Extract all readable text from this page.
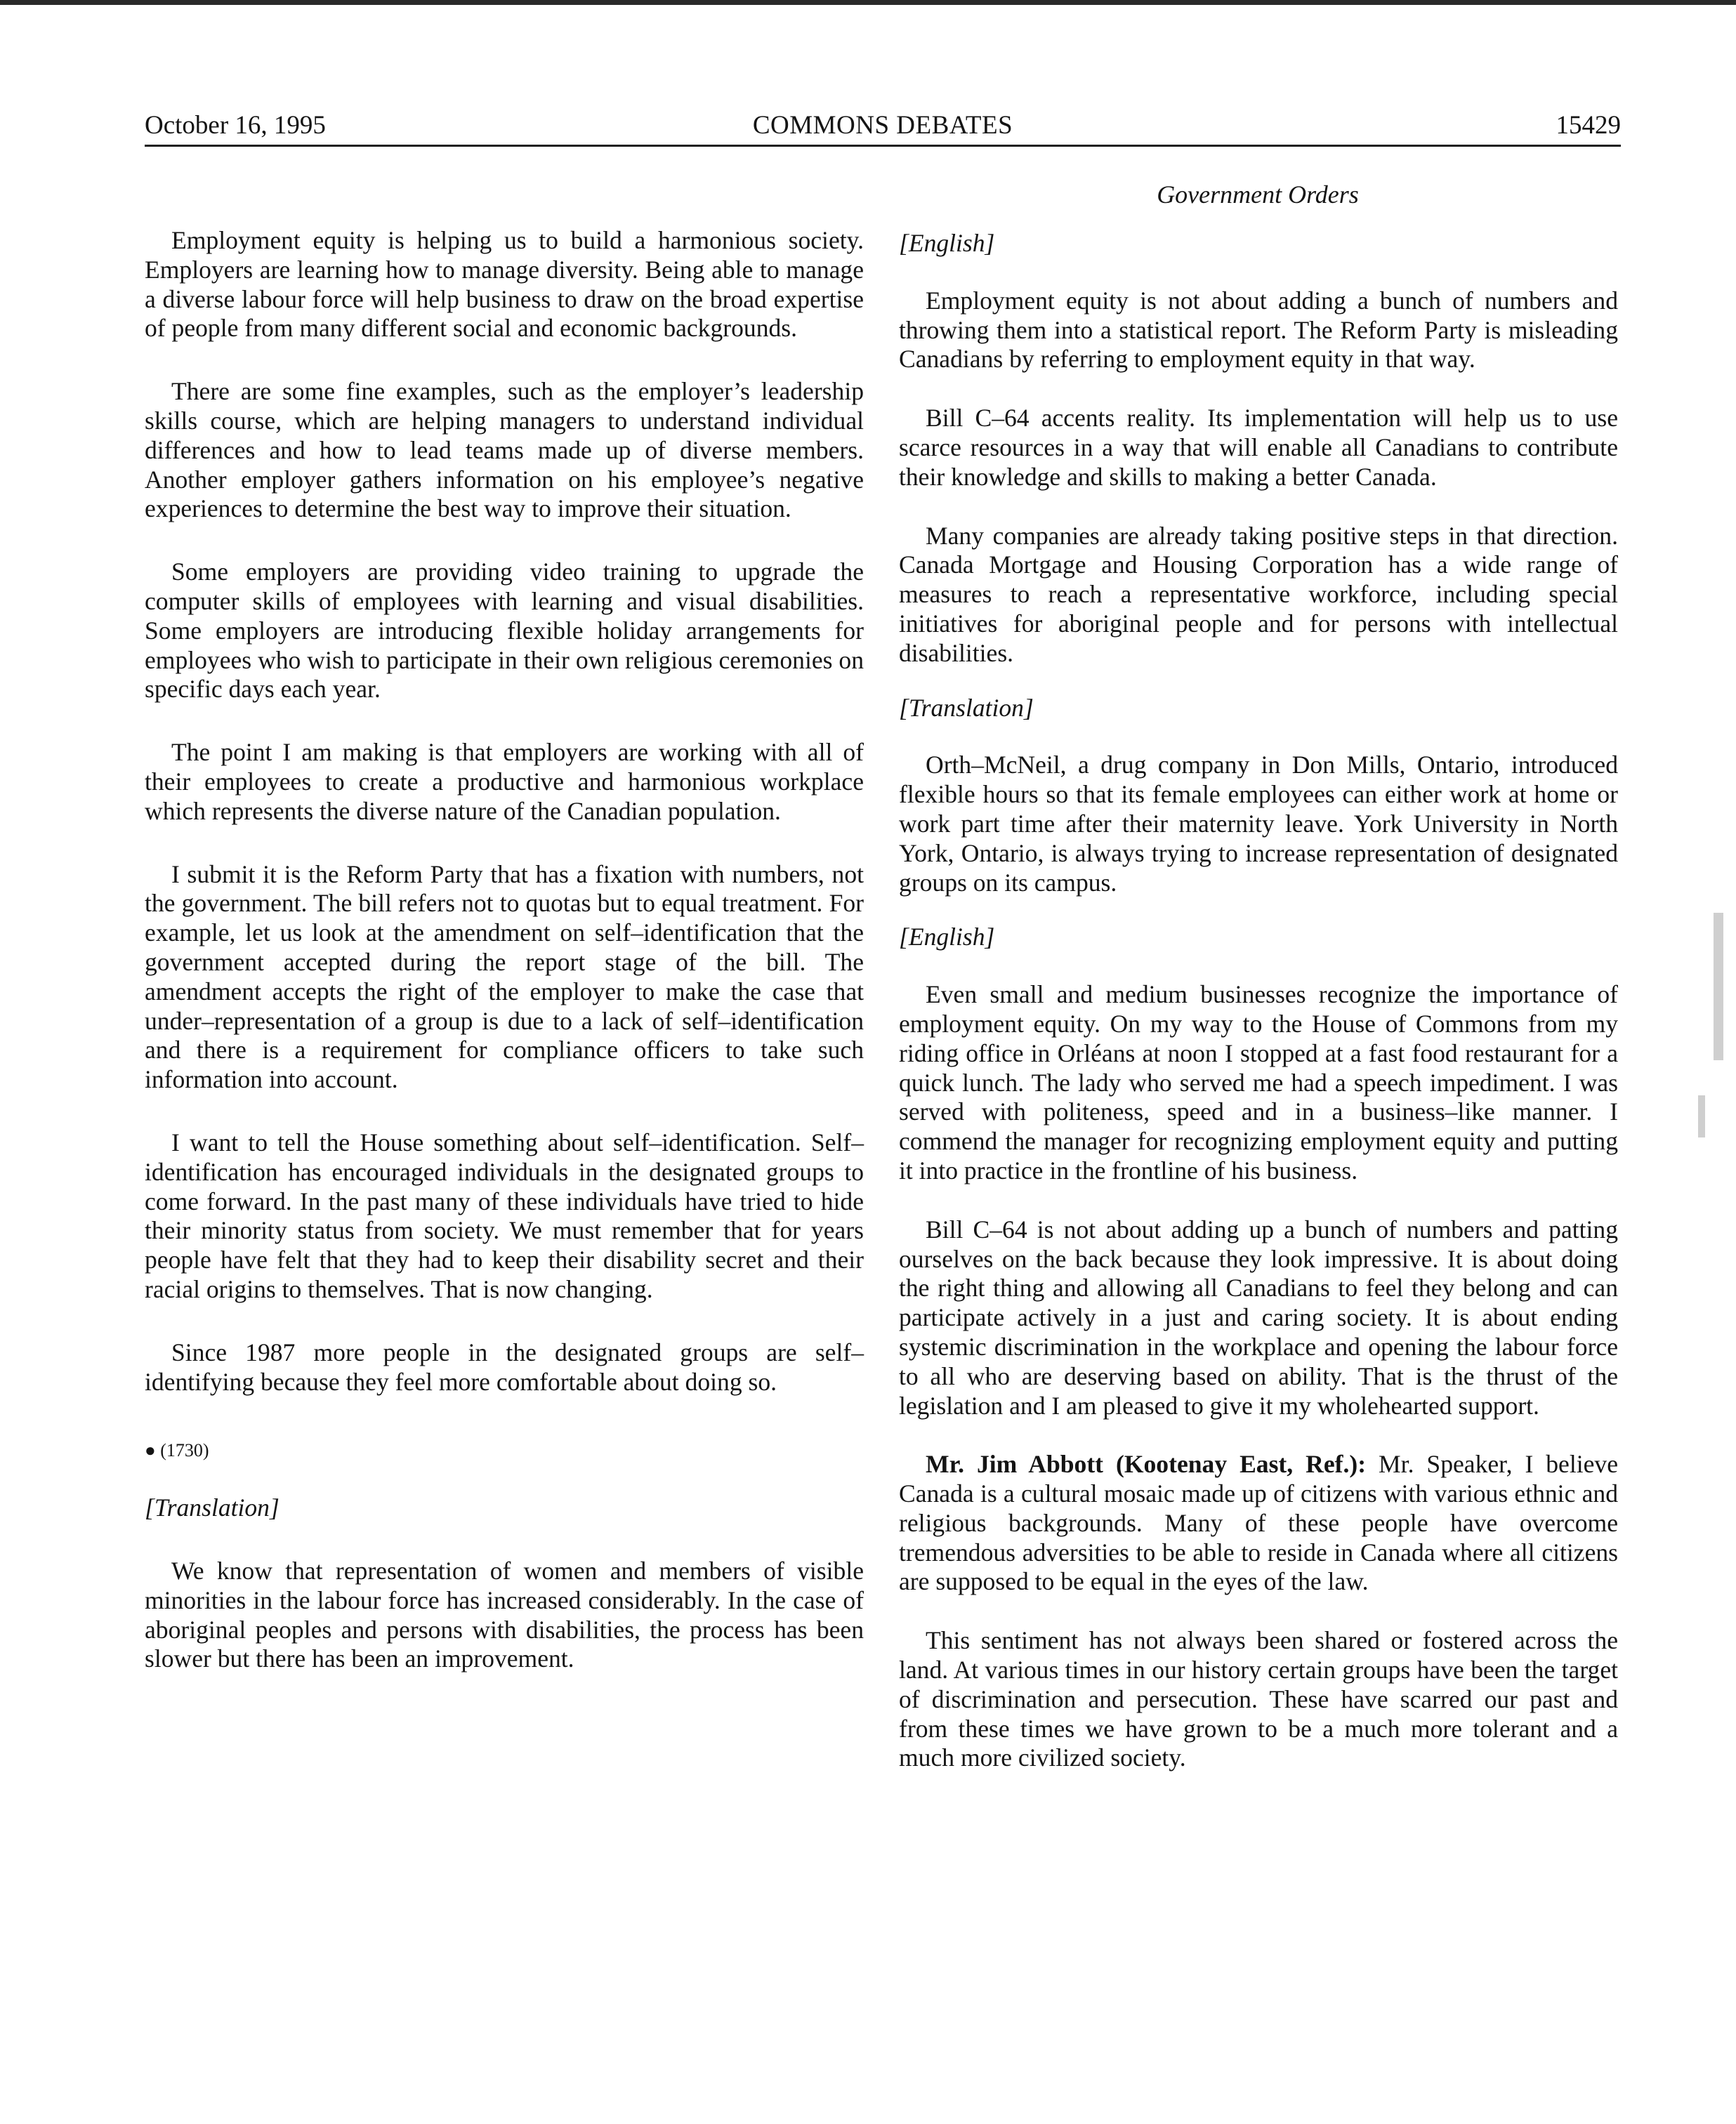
October 16, 1995	COMMONS DEBATES	15429
Government Orders

Employment equity is helping us to build a harmonious society. Employers are learning how to manage diversity. Being able to manage a diverse labour force will help business to draw on the broad expertise of people from many different social and economic backgrounds.

There are some fine examples, such as the employer’s leadership skills course, which are helping managers to understand individual differences and how to lead teams made up of diverse members. Another employer gathers information on his employee’s negative experiences to determine the best way to improve their situation.

Some employers are providing video training to upgrade the computer skills of employees with learning and visual disabilities. Some employers are introducing flexible holiday arrangements for employees who wish to participate in their own religious ceremonies on specific days each year.

The point I am making is that employers are working with all of their employees to create a productive and harmonious workplace which represents the diverse nature of the Canadian population.

I submit it is the Reform Party that has a fixation with numbers, not the government. The bill refers not to quotas but to equal treatment. For example, let us look at the amendment on self–identification that the government accepted during the report stage of the bill. The amendment accepts the right of the employer to make the case that under–representation of a group is due to a lack of self–identification and there is a requirement for compliance officers to take such information into account.

I want to tell the House something about self–identification. Self–identification has encouraged individuals in the designated groups to come forward. In the past many of these individuals have tried to hide their minority status from society. We must remember that for years people have felt that they had to keep their disability secret and their racial origins to themselves. That is now changing.

Since 1987 more people in the designated groups are self–identifying because they feel more comfortable about doing so.

● (1730)

[Translation]

We know that representation of women and members of visible minorities in the labour force has increased considerably. In the case of aboriginal peoples and persons with disabilities, the process has been slower but there has been an improvement.

[English]

Employment equity is not about adding a bunch of numbers and throwing them into a statistical report. The Reform Party is misleading Canadians by referring to employment equity in that way.

Bill C–64 accents reality. Its implementation will help us to use scarce resources in a way that will enable all Canadians to contribute their knowledge and skills to making a better Canada.

Many companies are already taking positive steps in that direction. Canada Mortgage and Housing Corporation has a wide range of measures to reach a representative workforce, including special initiatives for aboriginal people and for persons with intellectual disabilities.

[Translation]

Orth–McNeil, a drug company in Don Mills, Ontario, introduced flexible hours so that its female employees can either work at home or work part time after their maternity leave. York University in North York, Ontario, is always trying to increase representation of designated groups on its campus.

[English]

Even small and medium businesses recognize the importance of employment equity. On my way to the House of Commons from my riding office in Orléans at noon I stopped at a fast food restaurant for a quick lunch. The lady who served me had a speech impediment. I was served with politeness, speed and in a business–like manner. I commend the manager for recognizing employment equity and putting it into practice in the frontline of his business.

Bill C–64 is not about adding up a bunch of numbers and patting ourselves on the back because they look impressive. It is about doing the right thing and allowing all Canadians to feel they belong and can participate actively in a just and caring society. It is about ending systemic discrimination in the workplace and opening the labour force to all who are deserving based on ability. That is the thrust of the legislation and I am pleased to give it my wholehearted support.

Mr. Jim Abbott (Kootenay East, Ref.): Mr. Speaker, I believe Canada is a cultural mosaic made up of citizens with various ethnic and religious backgrounds. Many of these people have overcome tremendous adversities to be able to reside in Canada where all citizens are supposed to be equal in the eyes of the law.

This sentiment has not always been shared or fostered across the land. At various times in our history certain groups have been the target of discrimination and persecution. These have scarred our past and from these times we have grown to be a much more tolerant and a much more civilized society.
